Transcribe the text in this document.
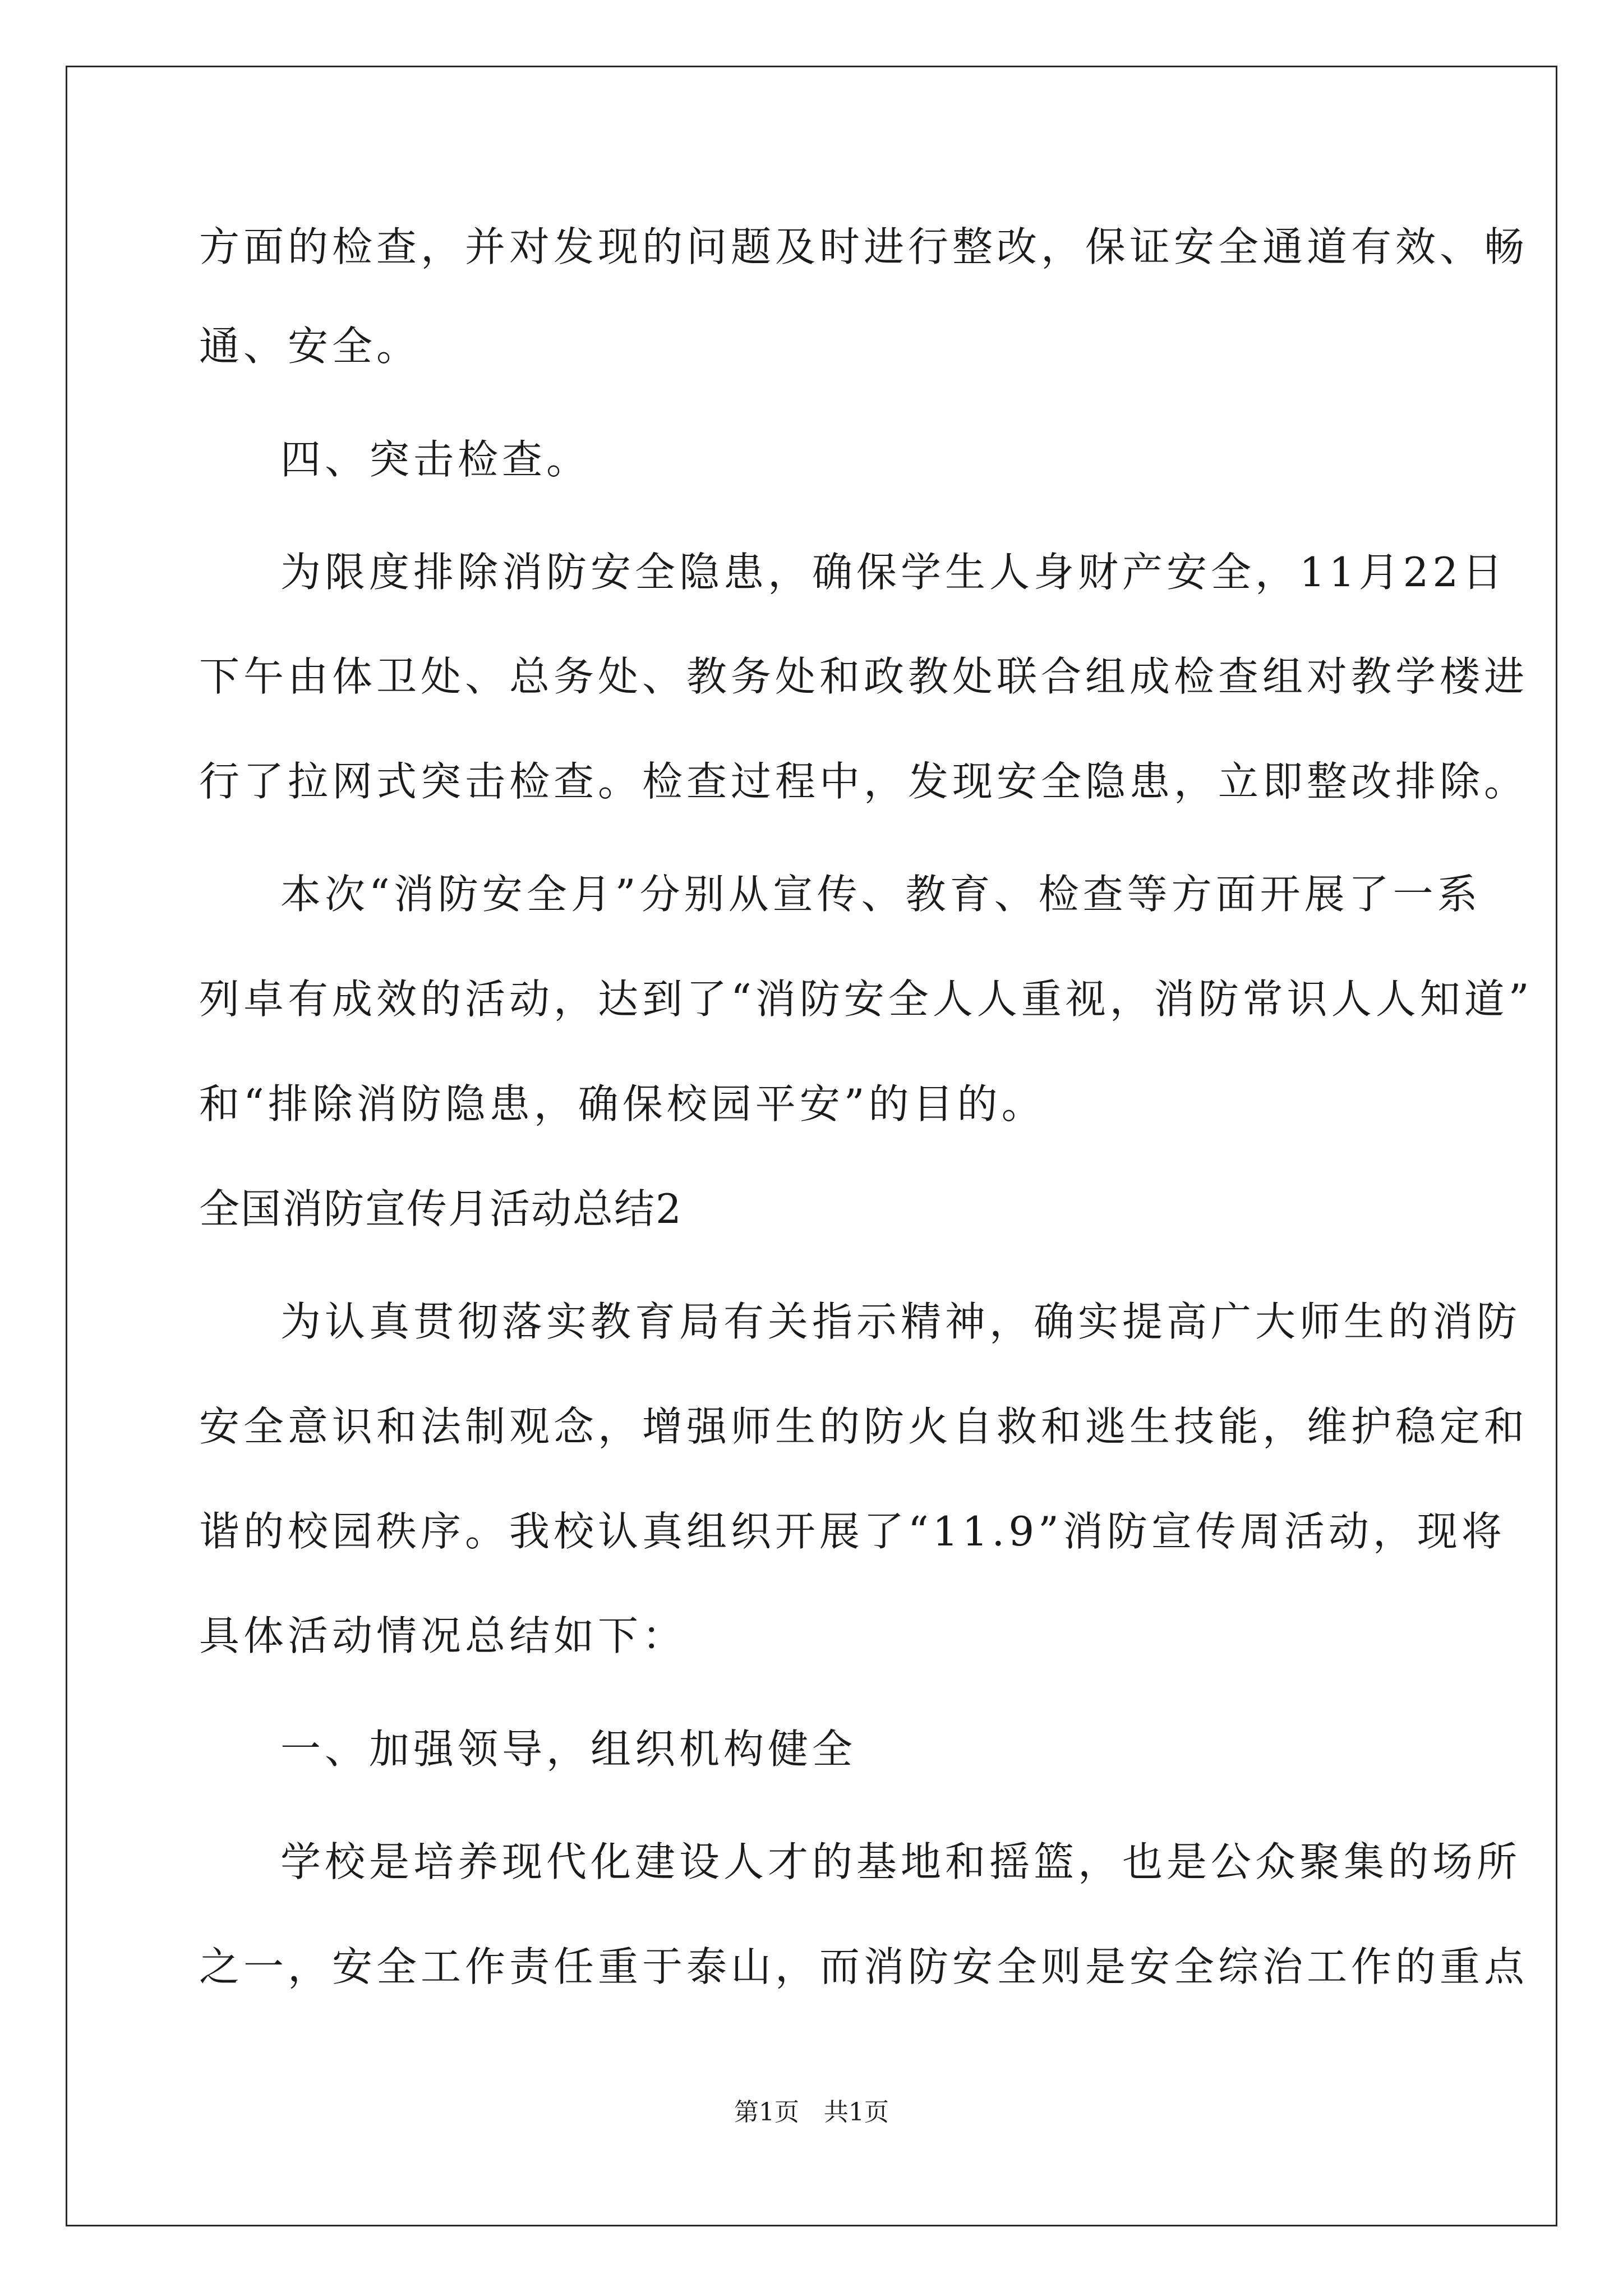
方面的检查，并对发现的问题及时进行整改，保证安全通道有效、畅
通、安全。
四、突击检查。
为限度排除消防安全隐患，确保学生人身财产安全，11月22日
下午由体卫处、总务处、教务处和政教处联合组成检查组对教学楼进
行了拉网式突击检查。检查过程中，发现安全隐患，立即整改排除。
本次“消防安全月”分别从宣传、教育、检查等方面开展了一系
列卓有成效的活动，达到了“消防安全人人重视，消防常识人人知道”
和“排除消防隐患，确保校园平安”的目的。
全国消防宣传月活动总结2
为认真贯彻落实教育局有关指示精神，确实提高广大师生的消防
安全意识和法制观念，增强师生的防火自救和逃生技能，维护稳定和
谐的校园秩序。我校认真组织开展了“11.9”消防宣传周活动，现将
具体活动情况总结如下：
一、加强领导，组织机构健全
学校是培养现代化建设人才的基地和摇篮，也是公众聚集的场所
之一，安全工作责任重于泰山，而消防安全则是安全综治工作的重点
第1页　共1页
